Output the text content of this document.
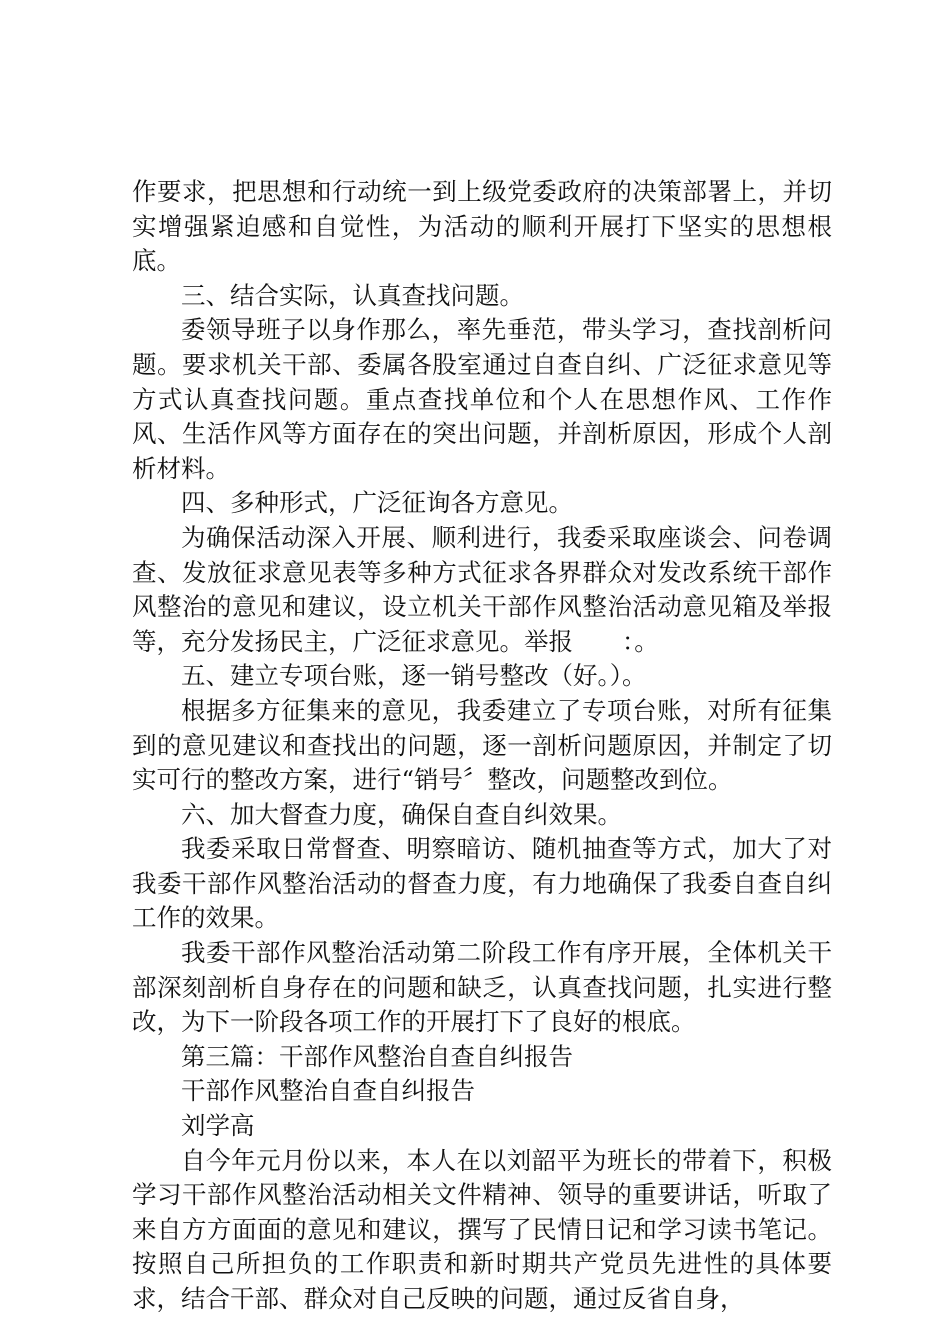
作要求，把思想和行动统一到上级党委政府的决策部署上，并切实增强紧迫感和自觉性，为活动的顺利开展打下坚实的思想根底。

三、结合实际，认真查找问题。

委领导班子以身作那么，率先垂范，带头学习，查找剖析问题。要求机关干部、委属各股室通过自查自纠、广泛征求意见等方式认真查找问题。重点查找单位和个人在思想作风、工作作风、生活作风等方面存在的突出问题，并剖析原因，形成个人剖析材料。

四、多种形式，广泛征询各方意见。

为确保活动深入开展、顺利进行，我委采取座谈会、问卷调查、发放征求意见表等多种方式征求各界群众对发改系统干部作风整治的意见和建议，设立机关干部作风整治活动意见箱及举报　　等，充分发扬民主，广泛征求意见。举报　　：。

五、建立专项台账，逐一销号整改（好。）。

根据多方征集来的意见，我委建立了专项台账，对所有征集到的意见建议和查找出的问题，逐一剖析问题原因，并制定了切实可行的整改方案，进行“销号〞整改，问题整改到位。

六、加大督查力度，确保自查自纠效果。

我委采取日常督查、明察暗访、随机抽查等方式，加大了对我委干部作风整治活动的督查力度，有力地确保了我委自查自纠工作的效果。

我委干部作风整治活动第二阶段工作有序开展，全体机关干部深刻剖析自身存在的问题和缺乏，认真查找问题，扎实进行整改，为下一阶段各项工作的开展打下了良好的根底。

第三篇：干部作风整治自查自纠报告

干部作风整治自查自纠报告

刘学高

自今年元月份以来，本人在以刘韶平为班长的带着下，积极学习干部作风整治活动相关文件精神、领导的重要讲话，听取了来自方方面面的意见和建议，撰写了民情日记和学习读书笔记。按照自己所担负的工作职责和新时期共产党员先进性的具体要求，结合干部、群众对自己反映的问题，通过反省自身，
